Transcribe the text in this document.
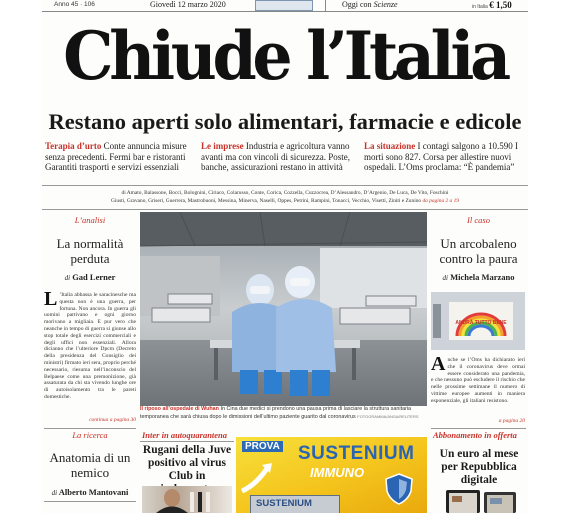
Anno 45 · 106	Giovedì 12 marzo 2020	Oggi con Scienze	in Italia € 1,50
Chiude l’Italia
Restano aperti solo alimentari, farmacie e edicole
Terapia d’urto Conte annuncia misure senza precedenti. Fermi bar e ristoranti Garantiti trasporti e servizi essenziali
Le imprese Industria e agricoltura vanno avanti ma con vincoli di sicurezza. Poste, banche, assicurazioni restano in attività
La situazione I contagi salgono a 10.590 I morti sono 827. Corsa per allestire nuovi ospedali. L’Oms proclama: “È pandemia”
di Amato, Balassone, Bocci, Bolognini, Ciriaco, Colarusso, Conte, Corica, Cozzella, Cuzzocrea, D’Alessandro, D’Argenio, De Luca, De Vito, Foschini
Giusti, Gravano, Griseri, Guerrera, Mastrobuoni, Messina, Minerva, Naselli, Oppes, Petrini, Rampini, Tonacci, Vecchio, Visetti, Ziniti e Zunino da pagina 2 a 19
L’analisi
La normalità perduta
di Gad Lerner
L ’Italia abbassa le saracinesche ma questa non è una guerra, per fortuna. Non ancora. In guerra gli uomini partivano e ogni giorno morivano a migliaia. E pur vero che neanche in tempo di guerra si giunse allo stop totale degli esercizi commerciali e degli uffici non essenziali. Allora dicianno che l’ulteriore Dpcm (Decreto della presidenza del Consiglio dei ministri) firmato ieri sera, proprio perché necessario, riesuma nell’inconscio del Belpaese come una premonizione, già assaturata da chi sta vivendo lunghe ore di autoisolamento tra le pareti domestiche.
continua a pagina 30
La ricerca
Anatomia di un nemico
di Alberto Mantovani
Il riposo all’ospedale di Wuhan In Cina due medici si prendono una pausa prima di lasciare la struttura sanitaria temporanea che sarà chiusa dopo le dimissioni dell’ultimo paziente guarito dal coronavirus FOTOGRAMMA/ANSA/REUTERS
Il caso
Un arcobaleno contro la paura
di Michela Marzano
ANDRÀ TUTTO BENE
Anche se l’Oms ha dichiarato ieri che il coronavirus deve ormai essere considerato una pandemia, e che nessuno può escludere il rischio che nelle prossime settimane il numero di vittime europee aumenti in maniera esponenziale, gli italiani resistono.
a pagina 20
Abbonamento in offerta
Un euro al mese per Repubblica digitale
Inter in autoquarantena
Rugani della Juve positivo al virus Club in
PROVA SUSTENIUM
IMMUNO
SUSTENIUM
